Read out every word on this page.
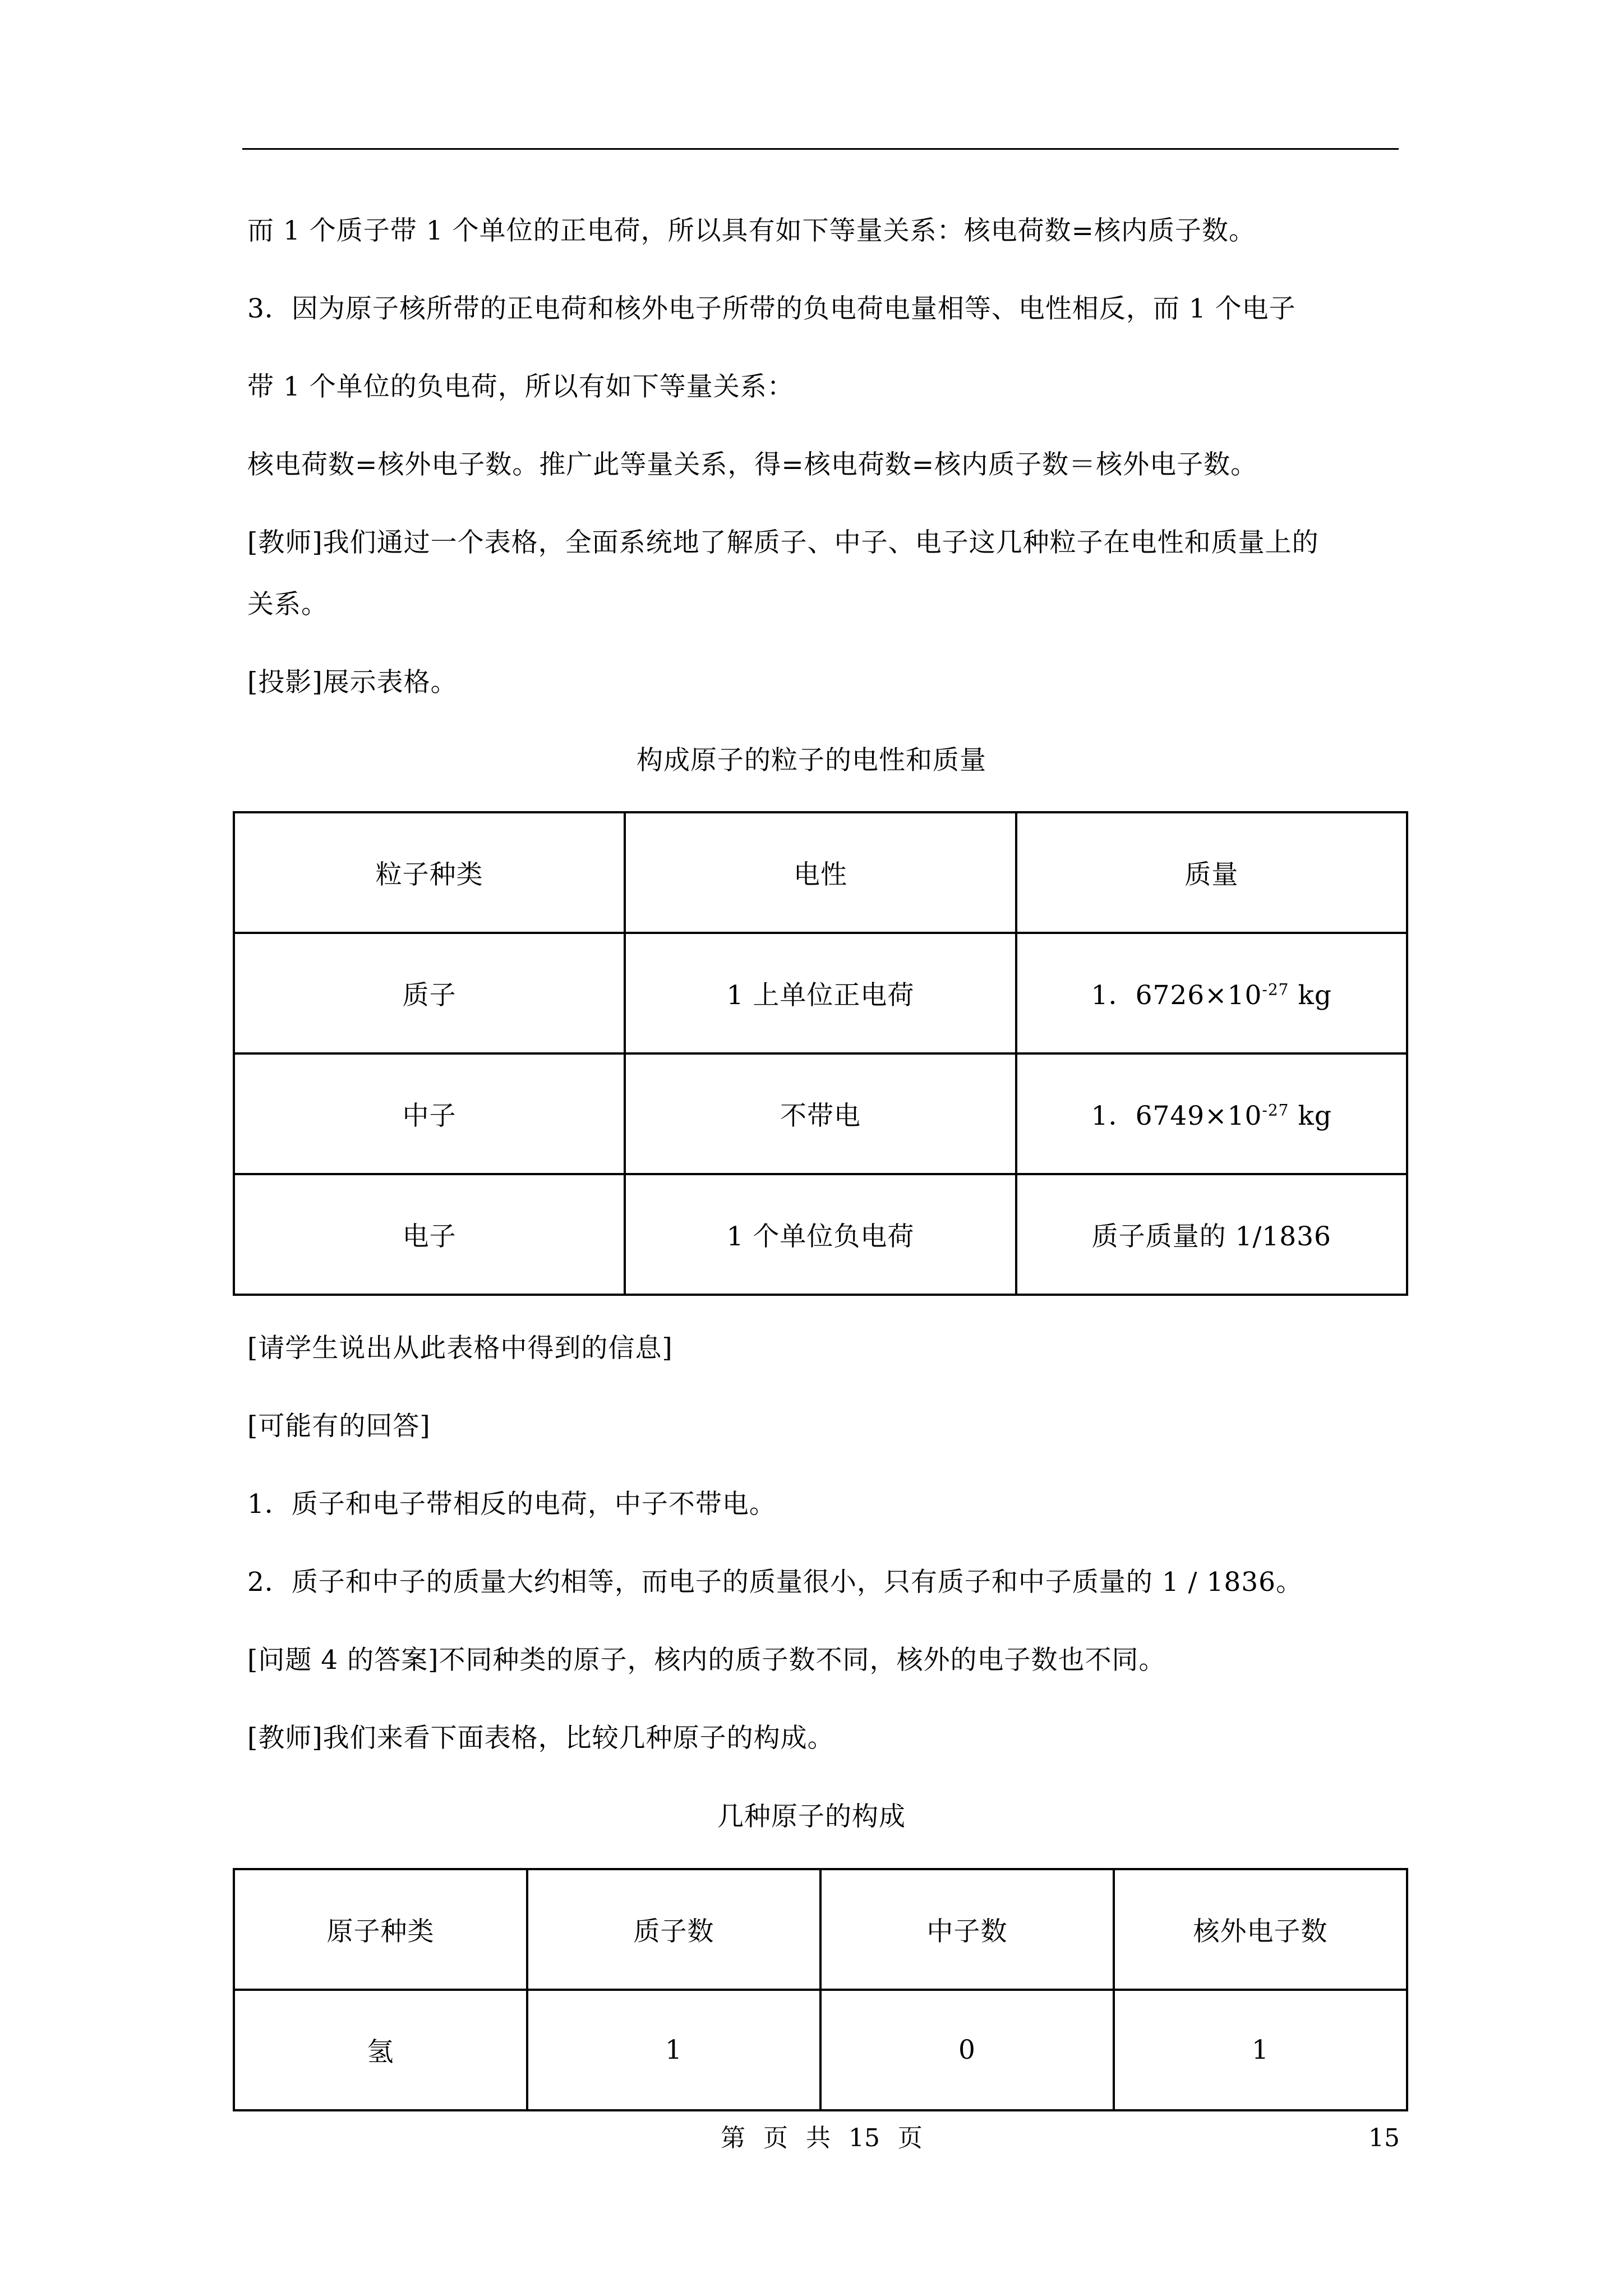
而 1 个质子带 1 个单位的正电荷，所以具有如下等量关系：核电荷数=核内质子数。
3．因为原子核所带的正电荷和核外电子所带的负电荷电量相等、电性相反，而 1 个电子
带 1 个单位的负电荷，所以有如下等量关系：
核电荷数=核外电子数。推广此等量关系，得=核电荷数=核内质子数＝核外电子数。
[教师]我们通过一个表格，全面系统地了解质子、中子、电子这几种粒子在电性和质量上的
关系。
[投影]展示表格。
构成原子的粒子的电性和质量
粒子种类	电性	质量
质子	1 上单位正电荷	1．$6726\times 10^{-27}$ kg
中子	不带电	1．$6749\times 10^{-27}$ kg
电子	1 个单位负电荷	质子质量的 1/1836
[请学生说出从此表格中得到的信息]
[可能有的回答]
1．质子和电子带相反的电荷，中子不带电。
2．质子和中子的质量大约相等，而电子的质量很小，只有质子和中子质量的 1 / 1836。
[问题 4 的答案]不同种类的原子，核内的质子数不同，核外的电子数也不同。
[教师]我们来看下面表格，比较几种原子的构成。
几种原子的构成
原子种类	质子数	中子数	核外电子数
氢	1	0	1
第 页 共 15 页	15
